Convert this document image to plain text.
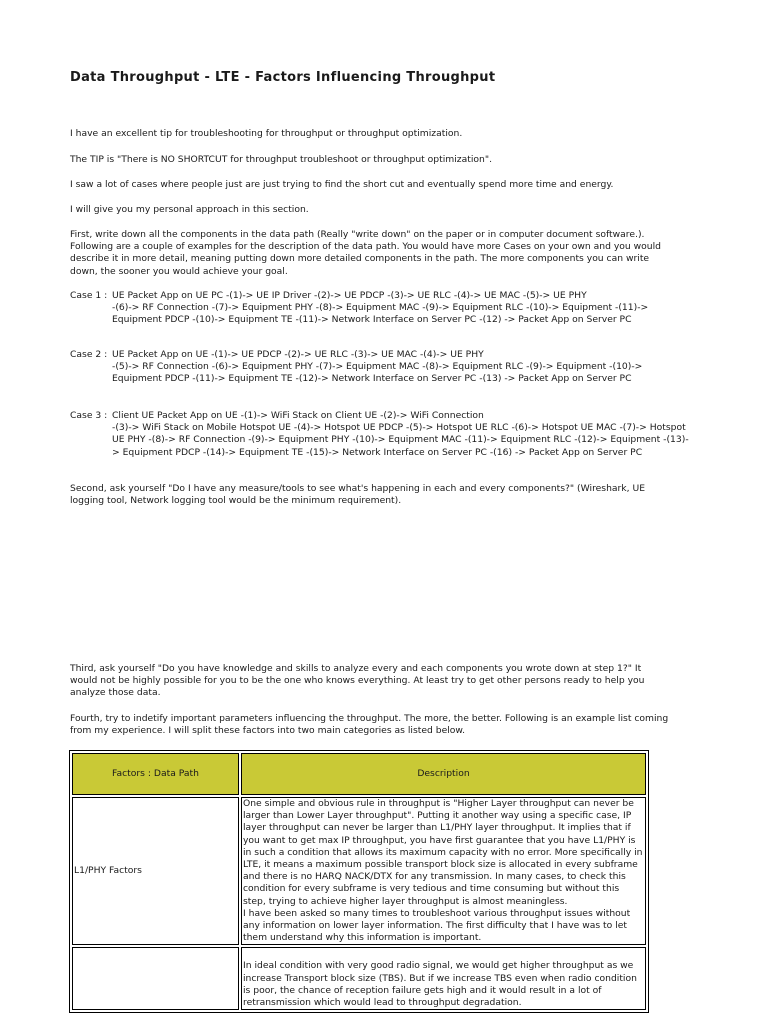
Data Throughput - LTE - Factors Influencing Throughput
I have an excellent tip for troubleshooting for throughput or throughput optimization.
The TIP is "There is NO SHORTCUT for throughput troubleshoot or throughput optimization".
I saw a lot of cases where people just are just trying to find the short cut and eventually spend more time and energy.
I will give you my personal approach in this section.
First, write down all the components in the data path (Really "write down" on the paper or in computer document software.). Following are a couple of examples for the description of the data path. You would have more Cases on your own and you would describe it in more detail, meaning putting down more detailed components in the path. The more components you can write down, the sooner you would achieve your goal.
Case 1 : UE Packet App on UE PC -(1)-> UE IP Driver -(2)-> UE PDCP -(3)-> UE RLC -(4)-> UE MAC -(5)-> UE PHY
-(6)-> RF Connection -(7)-> Equipment PHY -(8)-> Equipment MAC -(9)-> Equipment RLC -(10)-> Equipment -(11)-> Equipment PDCP -(10)-> Equipment TE -(11)-> Network Interface on Server PC -(12) -> Packet App on Server PC
Case 2 : UE Packet App on UE -(1)-> UE PDCP -(2)-> UE RLC -(3)-> UE MAC -(4)-> UE PHY
-(5)-> RF Connection -(6)-> Equipment PHY -(7)-> Equipment MAC -(8)-> Equipment RLC -(9)-> Equipment -(10)-> Equipment PDCP -(11)-> Equipment TE -(12)-> Network Interface on Server PC -(13) -> Packet App on Server PC
Case 3 : Client UE Packet App on UE -(1)-> WiFi Stack on Client UE -(2)-> WiFi Connection
-(3)-> WiFi Stack on Mobile Hotspot UE -(4)-> Hotspot UE PDCP -(5)-> Hotspot UE RLC -(6)-> Hotspot UE MAC -(7)-> Hotspot UE PHY -(8)-> RF Connection -(9)-> Equipment PHY -(10)-> Equipment MAC -(11)-> Equipment RLC -(12)-> Equipment -(13)-> Equipment PDCP -(14)-> Equipment TE -(15)-> Network Interface on Server PC -(16) -> Packet App on Server PC
Second, ask yourself "Do I have any measure/tools to see what's happening in each and every components?" (Wireshark, UE logging tool, Network logging tool would be the minimum requirement).
Third, ask yourself "Do you have knowledge and skills to analyze every and each components you wrote down at step 1?" It would not be highly possible for you to be the one who knows everything. At least try to get other persons ready to help you analyze those data.
Fourth, try to indetify important parameters influencing the throughput. The more, the better. Following is an example list coming from my experience. I will split these factors into two main categories as listed below.
Factors : Data Path	Description
L1/PHY Factors	One simple and obvious rule in throughput is "Higher Layer throughput can never be larger than Lower Layer throughput". Putting it another way using a specific case, IP layer throughput can never be larger than L1/PHY layer throughput. It implies that if you want to get max IP throughput, you have first guarantee that you have L1/PHY is in such a condition that allows its maximum capacity with no error. More specifically in LTE, it means a maximum possible transport block size is allocated in every subframe and there is no HARQ NACK/DTX for any transmission. In many cases, to check this condition for every subframe is very tedious and time consuming but without this step, trying to achieve higher layer throughput is almost meaningless.
I have been asked so many times to troubleshoot various throughput issues without any information on lower layer information. The first difficulty that I have was to let them understand why this information is important.
	In ideal condition with very good radio signal, we would get higher throughput as we increase Transport block size (TBS). But if we increase TBS even when radio condition is poor, the chance of reception failure gets high and it would result in a lot of retransmission which would lead to throughput degradation.
